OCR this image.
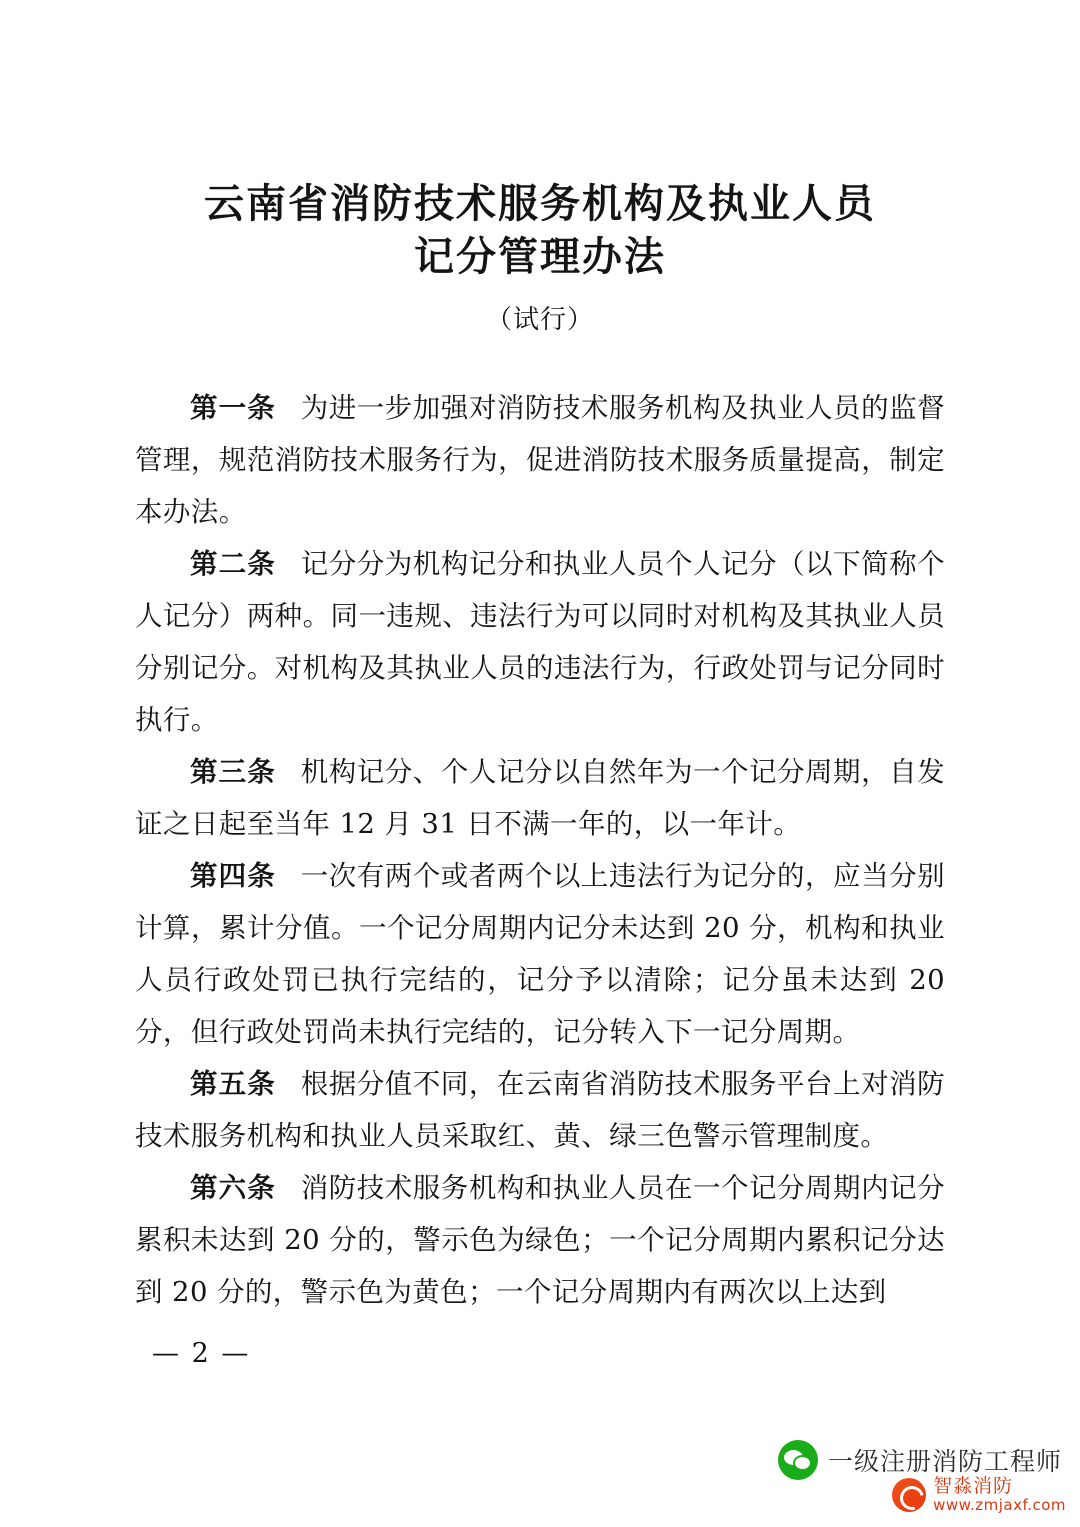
云南省消防技术服务机构及执业人员
记分管理办法
（试行）

第一条 为进一步加强对消防技术服务机构及执业人员的监督管理，规范消防技术服务行为，促进消防技术服务质量提高，制定本办法。

第二条 记分分为机构记分和执业人员个人记分（以下简称个人记分）两种。同一违规、违法行为可以同时对机构及其执业人员分别记分。对机构及其执业人员的违法行为，行政处罚与记分同时执行。

第三条 机构记分、个人记分以自然年为一个记分周期，自发证之日起至当年 12 月 31 日不满一年的，以一年计。

第四条 一次有两个或者两个以上违法行为记分的，应当分别计算，累计分值。一个记分周期内记分未达到 20 分，机构和执业人员行政处罚已执行完结的，记分予以清除；记分虽未达到 20 分，但行政处罚尚未执行完结的，记分转入下一记分周期。

第五条 根据分值不同，在云南省消防技术服务平台上对消防技术服务机构和执业人员采取红、黄、绿三色警示管理制度。

第六条 消防技术服务机构和执业人员在一个记分周期内记分累积未达到 20 分的，警示色为绿色；一个记分周期内累积记分达到 20 分的，警示色为黄色；一个记分周期内有两次以上达到

— 2 —
一级注册消防工程师
智淼消防
www.zmjaxf.com
